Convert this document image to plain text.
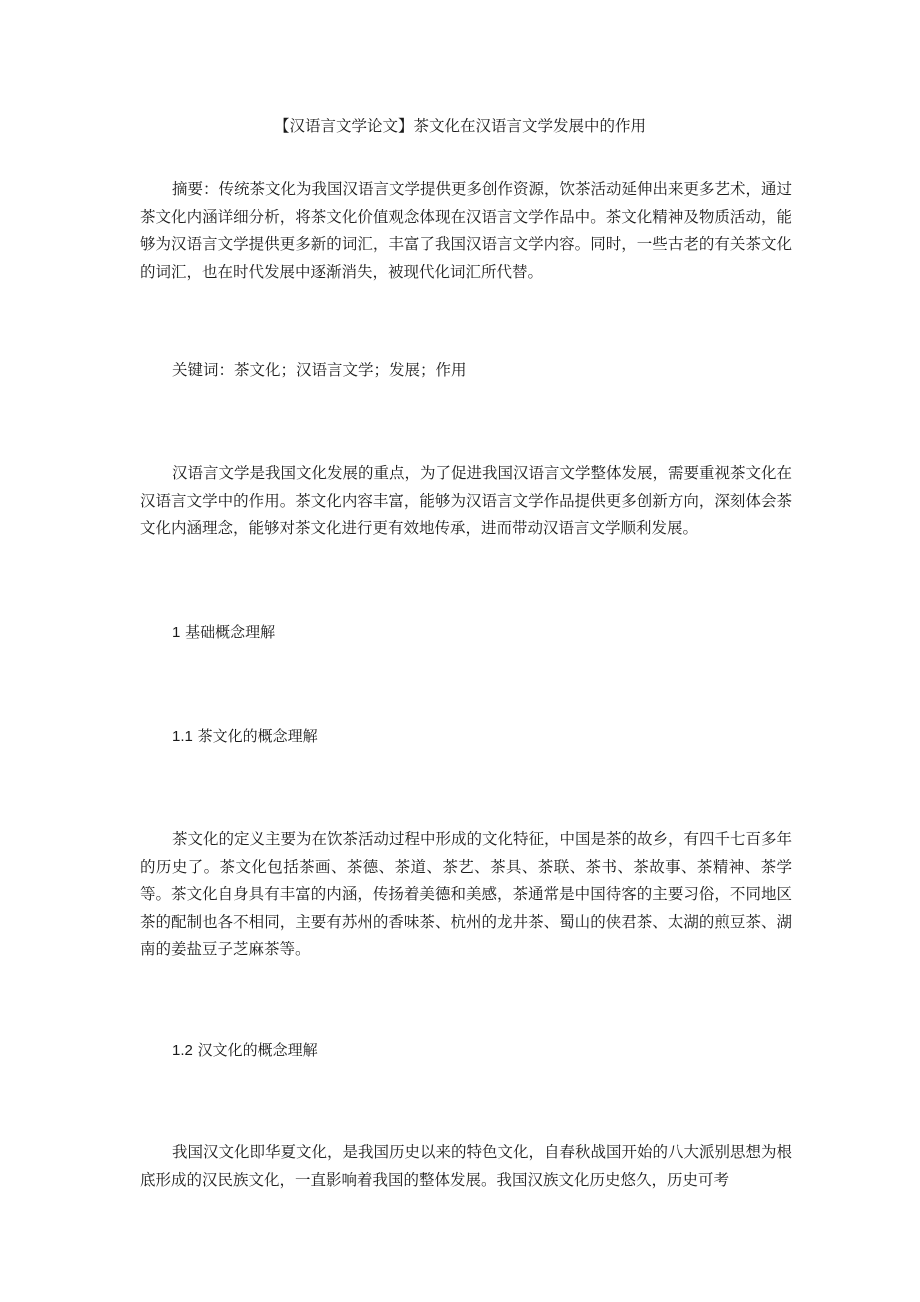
【汉语言文学论文】茶文化在汉语言文学发展中的作用

摘要：传统茶文化为我国汉语言文学提供更多创作资源，饮茶活动延伸出来更多艺术，通过茶文化内涵详细分析，将茶文化价值观念体现在汉语言文学作品中。茶文化精神及物质活动，能够为汉语言文学提供更多新的词汇，丰富了我国汉语言文学内容。同时，一些古老的有关茶文化的词汇，也在时代发展中逐渐消失，被现代化词汇所代替。

关键词：茶文化；汉语言文学；发展；作用

汉语言文学是我国文化发展的重点，为了促进我国汉语言文学整体发展，需要重视茶文化在汉语言文学中的作用。茶文化内容丰富，能够为汉语言文学作品提供更多创新方向，深刻体会茶文化内涵理念，能够对茶文化进行更有效地传承，进而带动汉语言文学顺利发展。

1 基础概念理解

1.1 茶文化的概念理解

茶文化的定义主要为在饮茶活动过程中形成的文化特征，中国是茶的故乡，有四千七百多年的历史了。茶文化包括茶画、茶德、茶道、茶艺、茶具、茶联、茶书、茶故事、茶精神、茶学等。茶文化自身具有丰富的内涵，传扬着美德和美感，茶通常是中国待客的主要习俗，不同地区茶的配制也各不相同，主要有苏州的香味茶、杭州的龙井茶、蜀山的侠君茶、太湖的煎豆茶、湖南的姜盐豆子芝麻茶等。

1.2 汉文化的概念理解

我国汉文化即华夏文化，是我国历史以来的特色文化，自春秋战国开始的八大派别思想为根底形成的汉民族文化，一直影响着我国的整体发展。我国汉族文化历史悠久，历史可考
